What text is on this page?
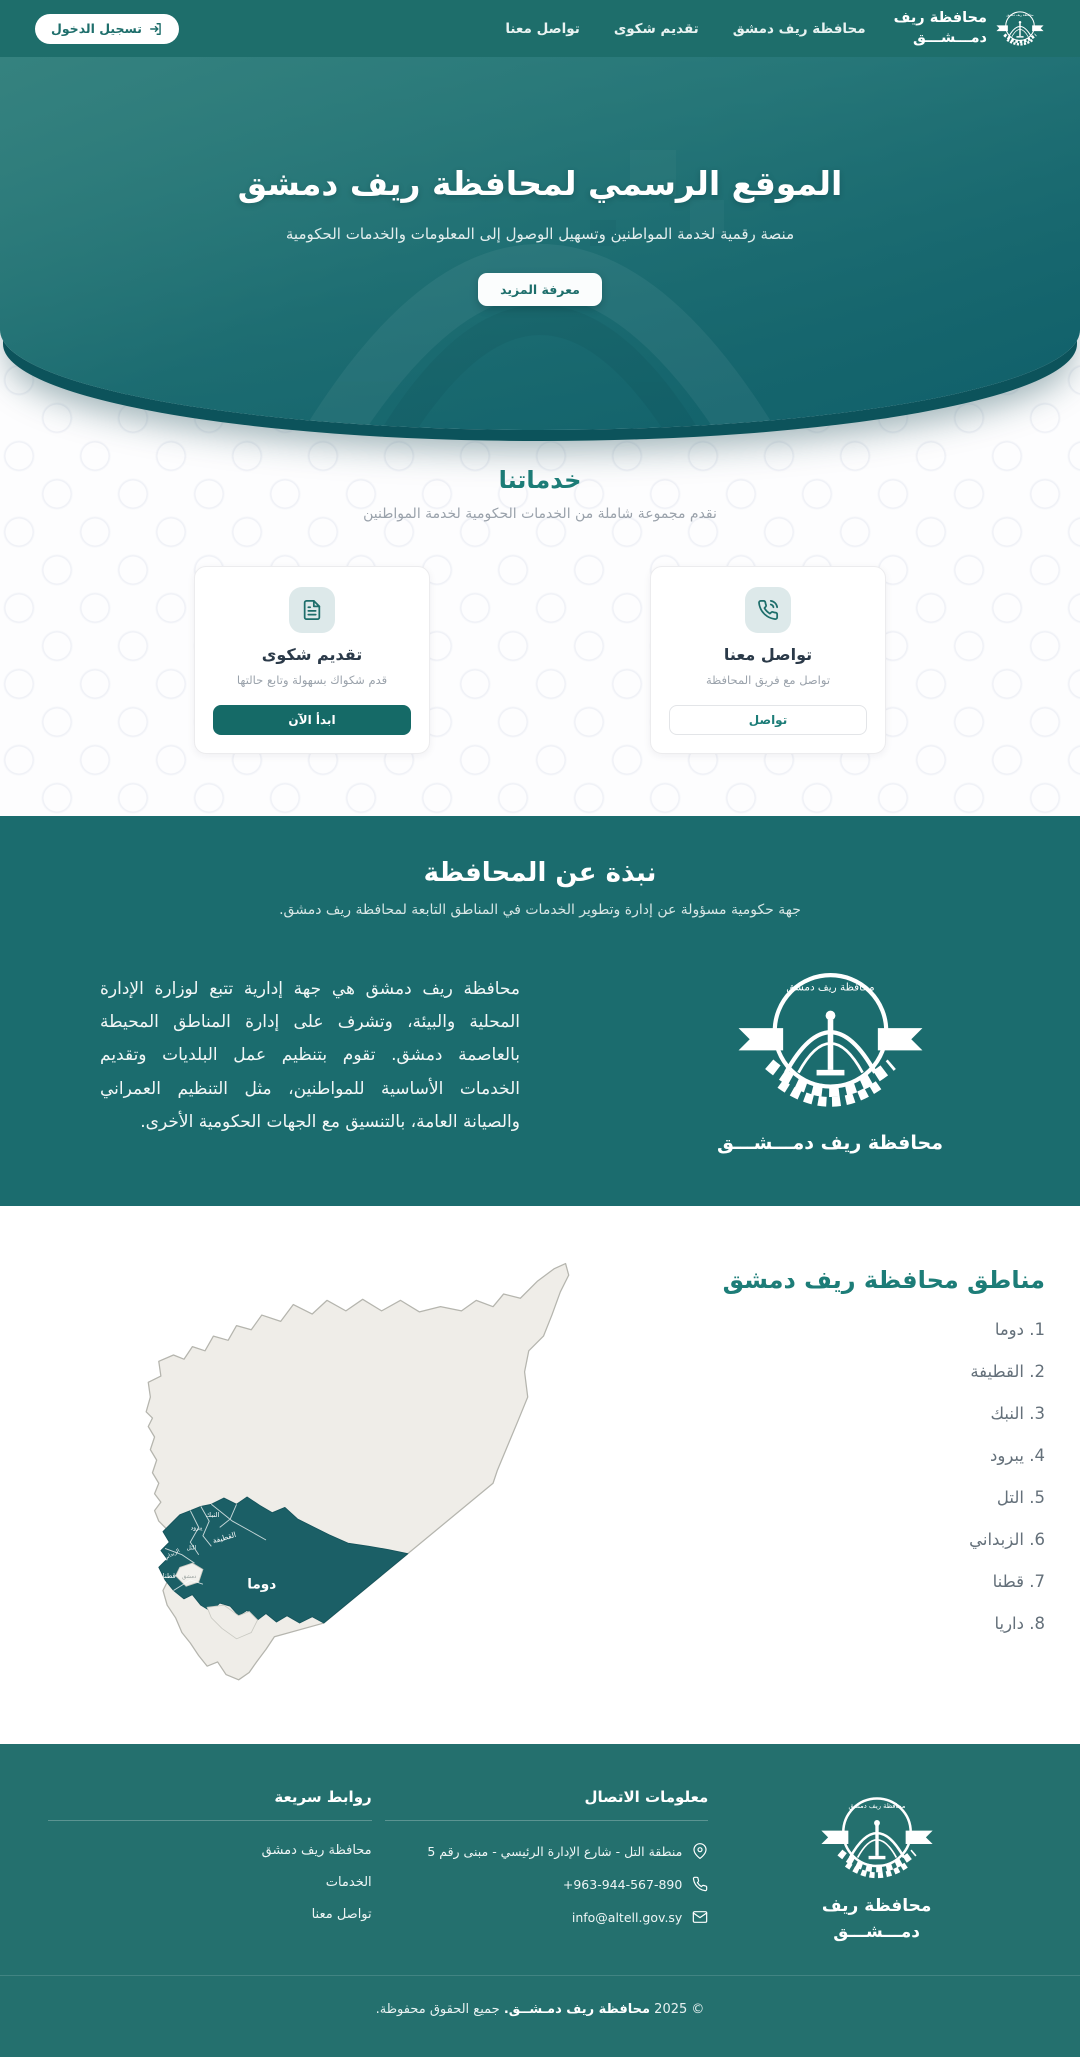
محافظة ريف دمشق
محافظة ريف
دمـــشـــق
محافظة ريف دمشق
تقديم شكوى
تواصل معنا
تسجيل الدخول
الموقع الرسمي لمحافظة ريف دمشق

منصة رقمية لخدمة المواطنين وتسهيل الوصول إلى المعلومات والخدمات الحكومية

معرفة المزيد
خدماتنا

نقدم مجموعة شاملة من الخدمات الحكومية لخدمة المواطنين

تواصل معنا
تواصل مع فريق المحافظة
تواصل
تقديم شكوى
قدم شكواك بسهولة وتابع حالتها
ابدأ الآن
نبذة عن المحافظة

جهة حكومية مسؤولة عن إدارة وتطوير الخدمات في المناطق التابعة لمحافظة ريف دمشق.

محافظة ريف دمشق هي جهة إدارية تتبع لوزارة الإدارة المحلية والبيئة، وتشرف على إدارة المناطق المحيطة بالعاصمة دمشق. تقوم بتنظيم عمل البلديات وتقديم الخدمات الأساسية للمواطنين، مثل التنظيم العمراني والصيانة العامة، بالتنسيق مع الجهات الحكومية الأخرى.

محافظة ريف دمشق
محافظة ريف دمـــشـــق
مناطق محافظة ريف دمشق
1. دوما
2. القطيفة
3. النبك
4. يبرود
5. التل
6. الزبداني
7. قطنا
8. داريا
دوما
القطيفة
النبك
يبرود
التل
الزبداني
قطنا دمشق
محافظة ريف دمشق
محافظة ريف
دمـــشـــق
معلومات الاتصال
منطقة التل - شارع الإدارة الرئيسي - مبنى رقم 5
+963-944-567-890
info@altell.gov.sy
روابط سريعة
محافظة ريف دمشق
الخدمات
تواصل معنا
© 2025 محافظة ريف دمـشــق. جميع الحقوق محفوظة.
